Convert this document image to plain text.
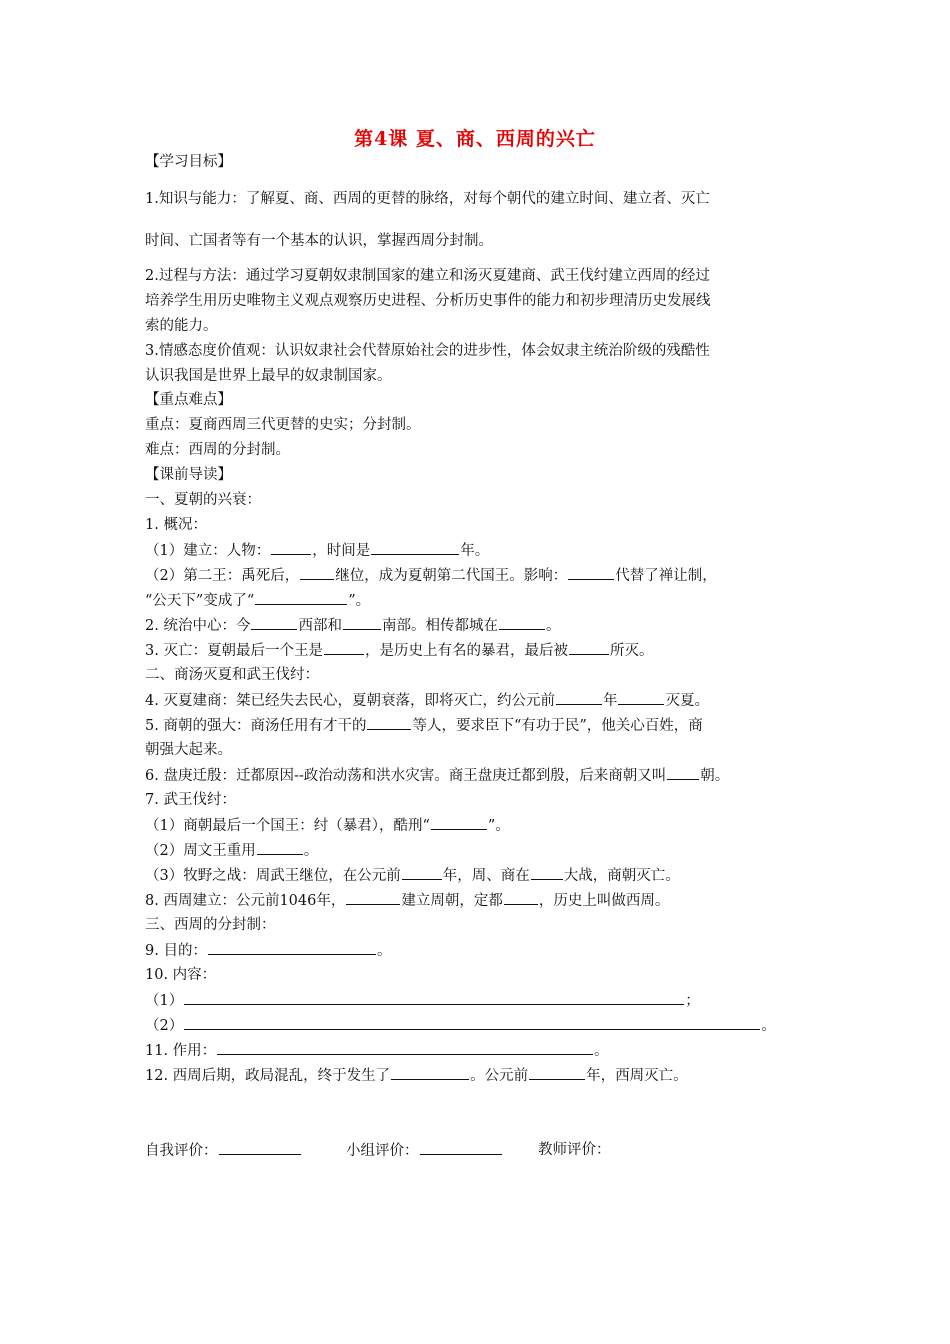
第4课 夏、商、西周的兴亡
【学习目标】
1.知识与能力：了解夏、商、西周的更替的脉络，对每个朝代的建立时间、建立者、灭亡
时间、亡国者等有一个基本的认识，掌握西周分封制。
2.过程与方法：通过学习夏朝奴隶制国家的建立和汤灭夏建商、武王伐纣建立西周的经过
培养学生用历史唯物主义观点观察历史进程、分析历史事件的能力和初步理清历史发展线
索的能力。
3.情感态度价值观：认识奴隶社会代替原始社会的进步性，体会奴隶主统治阶级的残酷性
认识我国是世界上最早的奴隶制国家。
【重点难点】
重点：夏商西周三代更替的史实；分封制。
难点：西周的分封制。
【课前导读】
一、夏朝的兴衰：
1. 概况：
（1）建立：人物：	，时间是	年。
（2）第二王：禹死后， 继位，成为夏朝第二代国王。影响：	代替了禅让制，
“公天下”变成了“	”。
2. 统治中心：今	西部和	南部。相传都城在	。
3. 灭亡：夏朝最后一个王是	，是历史上有名的暴君，最后被	所灭。
二、商汤灭夏和武王伐纣：
4. 灭夏建商：桀已经失去民心，夏朝衰落，即将灭亡，约公元前	年	灭夏。
5. 商朝的强大：商汤任用有才干的	等人，要求臣下“有功于民”，他关心百姓，商
朝强大起来。
6. 盘庚迁殷：迁都原因--政治动荡和洪水灾害。商王盘庚迁都到殷，后来商朝又叫 朝。
7. 武王伐纣：
（1）商朝最后一个国王：纣（暴君），酷刑“	”。
（2）周文王重用	。
（3）牧野之战：周武王继位，在公元前	年，周、商在 大战，商朝灭亡。
8. 西周建立：公元前1046年，	建立周朝，定都 ，历史上叫做西周。
三、西周的分封制：
9. 目的：	。
10. 内容：
（1）	；
（2）	。
11. 作用：	。
12. 西周后期，政局混乱，终于发生了	。公元前	年，西周灭亡。
自我评价：	小组评价：	教师评价：
